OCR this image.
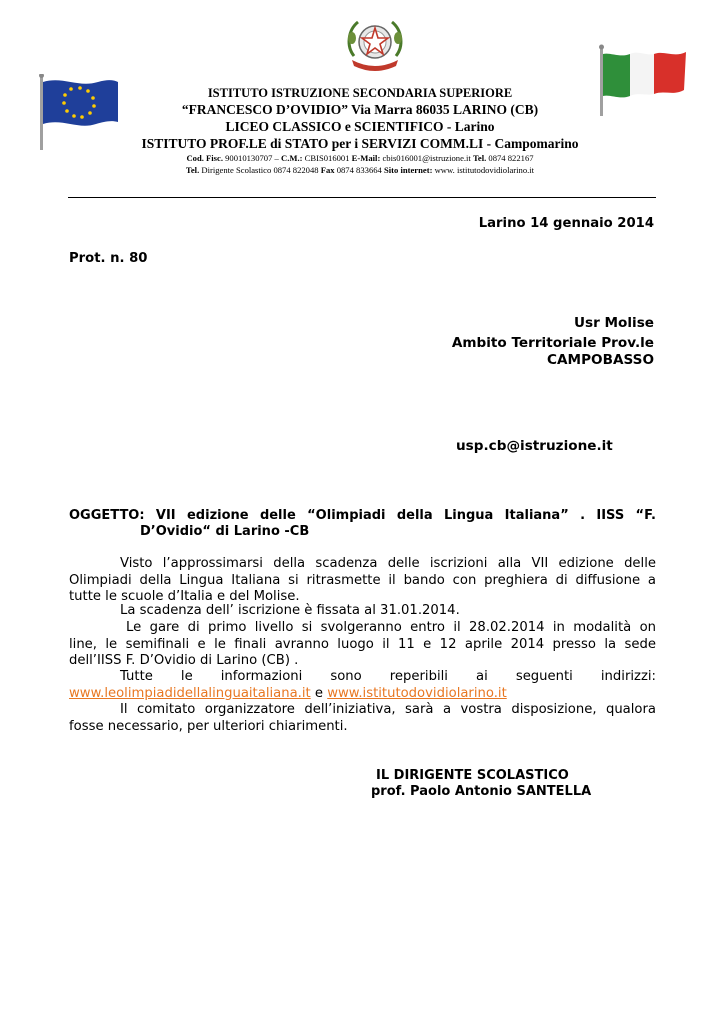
ISTITUTO ISTRUZIONE SECONDARIA SUPERIORE
“FRANCESCO D’OVIDIO” Via Marra 86035 LARINO (CB)
LICEO CLASSICO e SCIENTIFICO - Larino
ISTITUTO PROF.LE di STATO per i SERVIZI COMM.LI - Campomarino
Cod. Fisc. 90010130707 – C.M.: CBIS016001 E-Mail: cbis016001@istruzione.it Tel. 0874 822167
Tel. Dirigente Scolastico 0874 822048 Fax 0874 833664 Sito internet: www. istitutodovidiolarino.it
Larino 14 gennaio 2014
Prot. n. 80
Usr Molise
Ambito Territoriale Prov.le
CAMPOBASSO
usp.cb@istruzione.it
OGGETTO: VII edizione delle “Olimpiadi della Lingua Italiana” . IISS “F.
D’Ovidio“ di Larino -CB
Visto l’approssimarsi della scadenza delle iscrizioni alla VII edizione delle
Olimpiadi della Lingua Italiana si ritrasmette il bando con preghiera di diffusione a
tutte le scuole d’Italia e del Molise.
La scadenza dell’ iscrizione è fissata al 31.01.2014.
Le gare di primo livello si svolgeranno entro il 28.02.2014 in modalità on
line, le semifinali e le finali avranno luogo il 11 e 12 aprile 2014 presso la sede
dell’IISS F. D’Ovidio di Larino (CB) .
Tutte le informazioni sono reperibili ai seguenti indirizzi:
www.leolimpiadidellalinguaitaliana.it e www.istitutodovidiolarino.it
Il comitato organizzatore dell’iniziativa, sarà a vostra disposizione, qualora
fosse necessario, per ulteriori chiarimenti.
IL DIRIGENTE SCOLASTICO
prof. Paolo Antonio SANTELLA
